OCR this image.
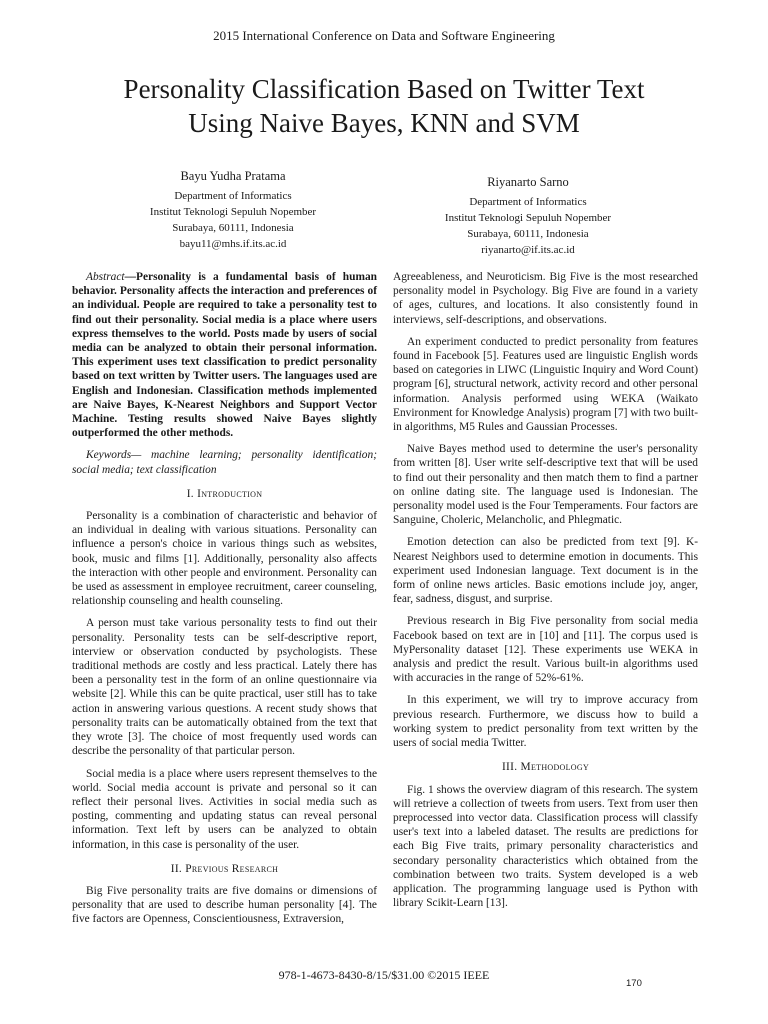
2015 International Conference on Data and Software Engineering
Personality Classification Based on Twitter Text
Using Naive Bayes, KNN and SVM
Bayu Yudha Pratama
Department of Informatics
Institut Teknologi Sepuluh Nopember
Surabaya, 60111, Indonesia
bayu11@mhs.if.its.ac.id
Riyanarto Sarno
Department of Informatics
Institut Teknologi Sepuluh Nopember
Surabaya, 60111, Indonesia
riyanarto@if.its.ac.id

Abstract—Personality is a fundamental basis of human behavior. Personality affects the interaction and preferences of an individual. People are required to take a personality test to find out their personality. Social media is a place where users express themselves to the world. Posts made by users of social media can be analyzed to obtain their personal information. This experiment uses text classification to predict personality based on text written by Twitter users. The languages used are English and Indonesian. Classification methods implemented are Naive Bayes, K-Nearest Neighbors and Support Vector Machine. Testing results showed Naive Bayes slightly outperformed the other methods.

Keywords— machine learning; personality identification; social media; text classification

I. Introduction

Personality is a combination of characteristic and behavior of an individual in dealing with various situations. Personality can influence a person's choice in various things such as websites, book, music and films [1]. Additionally, personality also affects the interaction with other people and environment. Personality can be used as assessment in employee recruitment, career counseling, relationship counseling and health counseling.

A person must take various personality tests to find out their personality. Personality tests can be self-descriptive report, interview or observation conducted by psychologists. These traditional methods are costly and less practical. Lately there has been a personality test in the form of an online questionnaire via website [2]. While this can be quite practical, user still has to take action in answering various questions. A recent study shows that personality traits can be automatically obtained from the text that they wrote [3]. The choice of most frequently used words can describe the personality of that particular person.

Social media is a place where users represent themselves to the world. Social media account is private and personal so it can reflect their personal lives. Activities in social media such as posting, commenting and updating status can reveal personal information. Text left by users can be analyzed to obtain information, in this case is personality of the user.

II. Previous Research

Big Five personality traits are five domains or dimensions of personality that are used to describe human personality [4]. The five factors are Openness, Conscientiousness, Extraversion,

Agreeableness, and Neuroticism. Big Five is the most researched personality model in Psychology. Big Five are found in a variety of ages, cultures, and locations. It also consistently found in interviews, self-descriptions, and observations.

An experiment conducted to predict personality from features found in Facebook [5]. Features used are linguistic English words based on categories in LIWC (Linguistic Inquiry and Word Count) program [6], structural network, activity record and other personal information. Analysis performed using WEKA (Waikato Environment for Knowledge Analysis) program [7] with two built-in algorithms, M5 Rules and Gaussian Processes.

Naive Bayes method used to determine the user's personality from written [8]. User write self-descriptive text that will be used to find out their personality and then match them to find a partner on online dating site. The language used is Indonesian. The personality model used is the Four Temperaments. Four factors are Sanguine, Choleric, Melancholic, and Phlegmatic.

Emotion detection can also be predicted from text [9]. K-Nearest Neighbors used to determine emotion in documents. This experiment used Indonesian language. Text document is in the form of online news articles. Basic emotions include joy, anger, fear, sadness, disgust, and surprise.

Previous research in Big Five personality from social media Facebook based on text are in [10] and [11]. The corpus used is MyPersonality dataset [12]. These experiments use WEKA in analysis and predict the result. Various built-in algorithms used with accuracies in the range of 52%-61%.

In this experiment, we will try to improve accuracy from previous research. Furthermore, we discuss how to build a working system to predict personality from text written by the users of social media Twitter.

III. Methodology

Fig. 1 shows the overview diagram of this research. The system will retrieve a collection of tweets from users. Text from user then preprocessed into vector data. Classification process will classify user's text into a labeled dataset. The results are predictions for each Big Five traits, primary personality characteristics and secondary personality characteristics which obtained from the combination between two traits. System developed is a web application. The programming language used is Python with library Scikit-Learn [13].

978-1-4673-8430-8/15/$31.00 ©2015 IEEE
170
